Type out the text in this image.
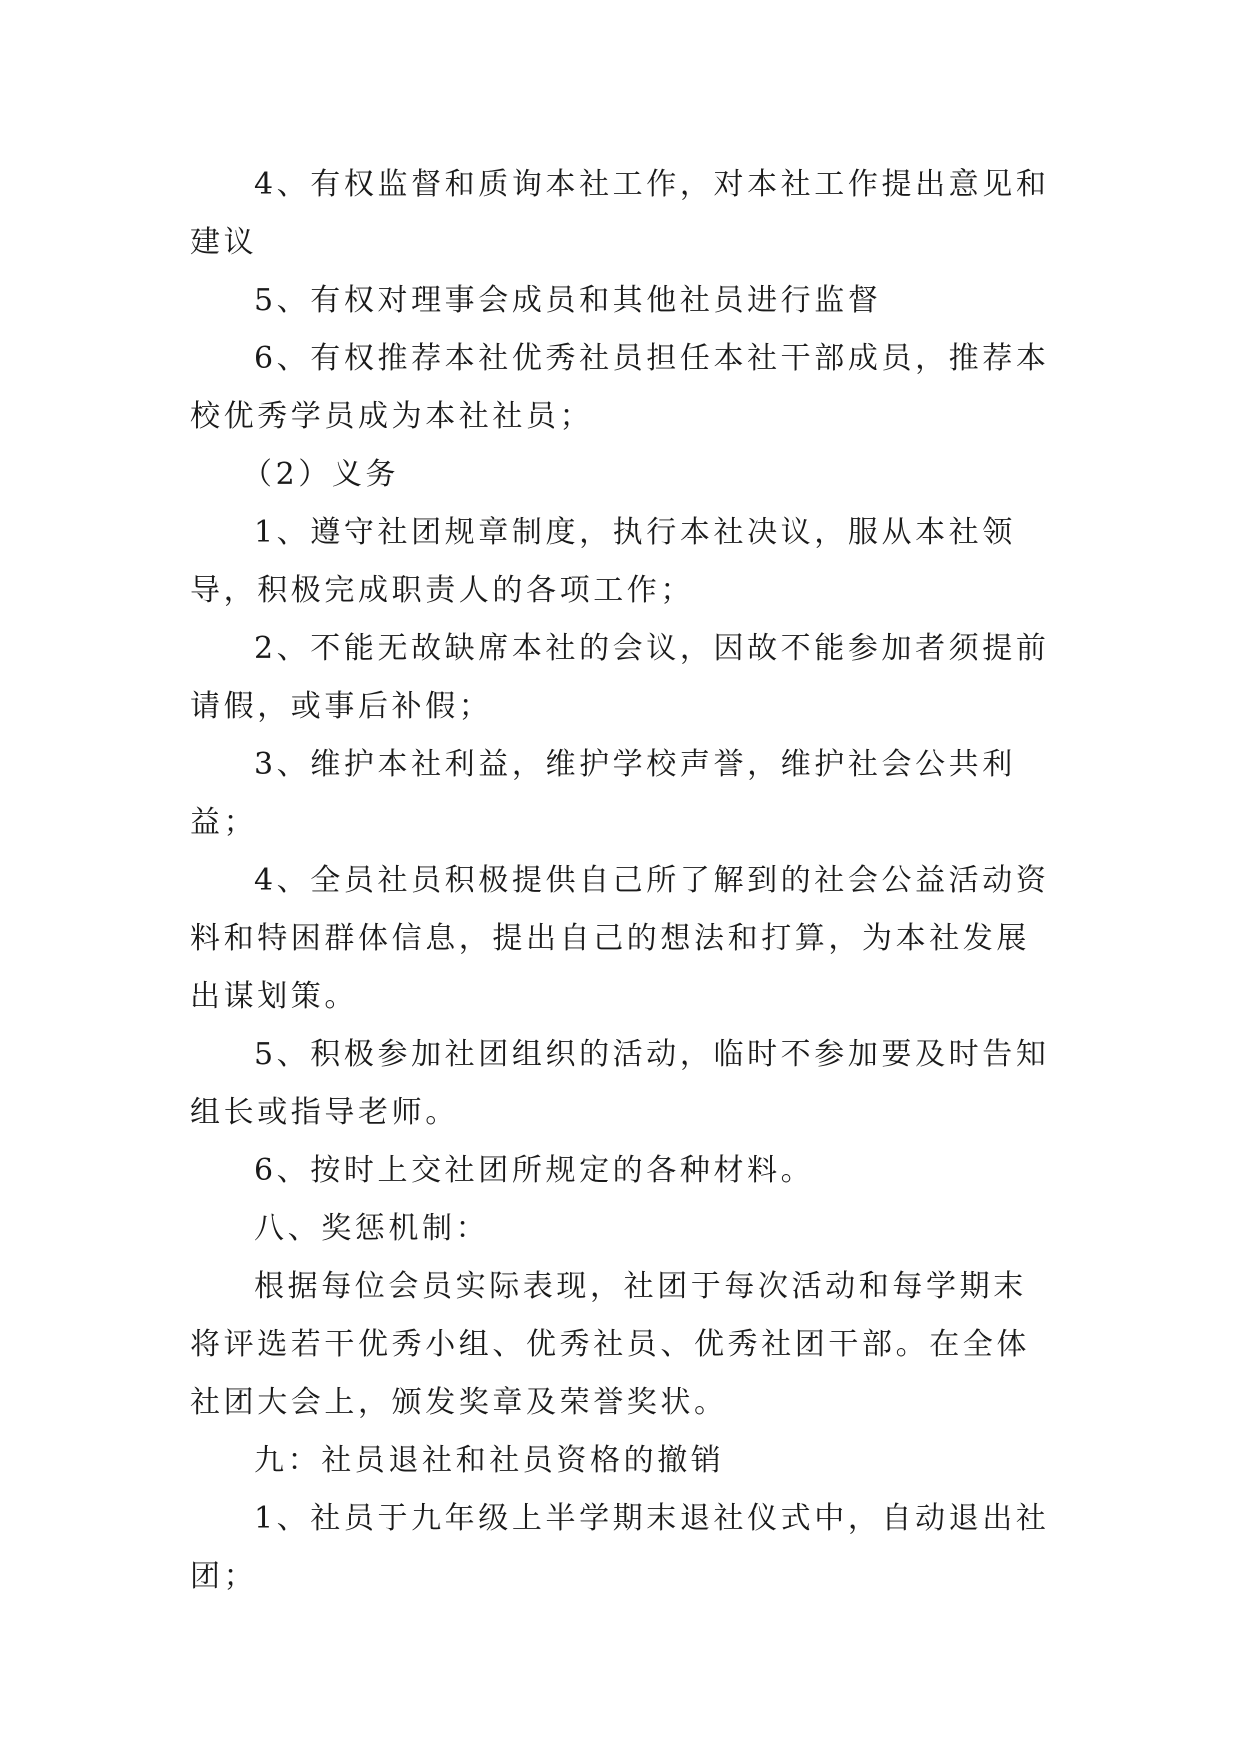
4、有权监督和质询本社工作，对本社工作提出意见和建议

5、有权对理事会成员和其他社员进行监督

6、有权推荐本社优秀社员担任本社干部成员，推荐本校优秀学员成为本社社员；

（2）义务

1、遵守社团规章制度，执行本社决议，服从本社领导，积极完成职责人的各项工作；

2、不能无故缺席本社的会议，因故不能参加者须提前请假，或事后补假；

3、维护本社利益，维护学校声誉，维护社会公共利益；

4、全员社员积极提供自己所了解到的社会公益活动资料和特困群体信息，提出自己的想法和打算，为本社发展出谋划策。

5、积极参加社团组织的活动，临时不参加要及时告知组长或指导老师。

6、按时上交社团所规定的各种材料。

八、奖惩机制：

根据每位会员实际表现，社团于每次活动和每学期末将评选若干优秀小组、优秀社员、优秀社团干部。在全体社团大会上，颁发奖章及荣誉奖状。

九：社员退社和社员资格的撤销

1、社员于九年级上半学期末退社仪式中，自动退出社团；
